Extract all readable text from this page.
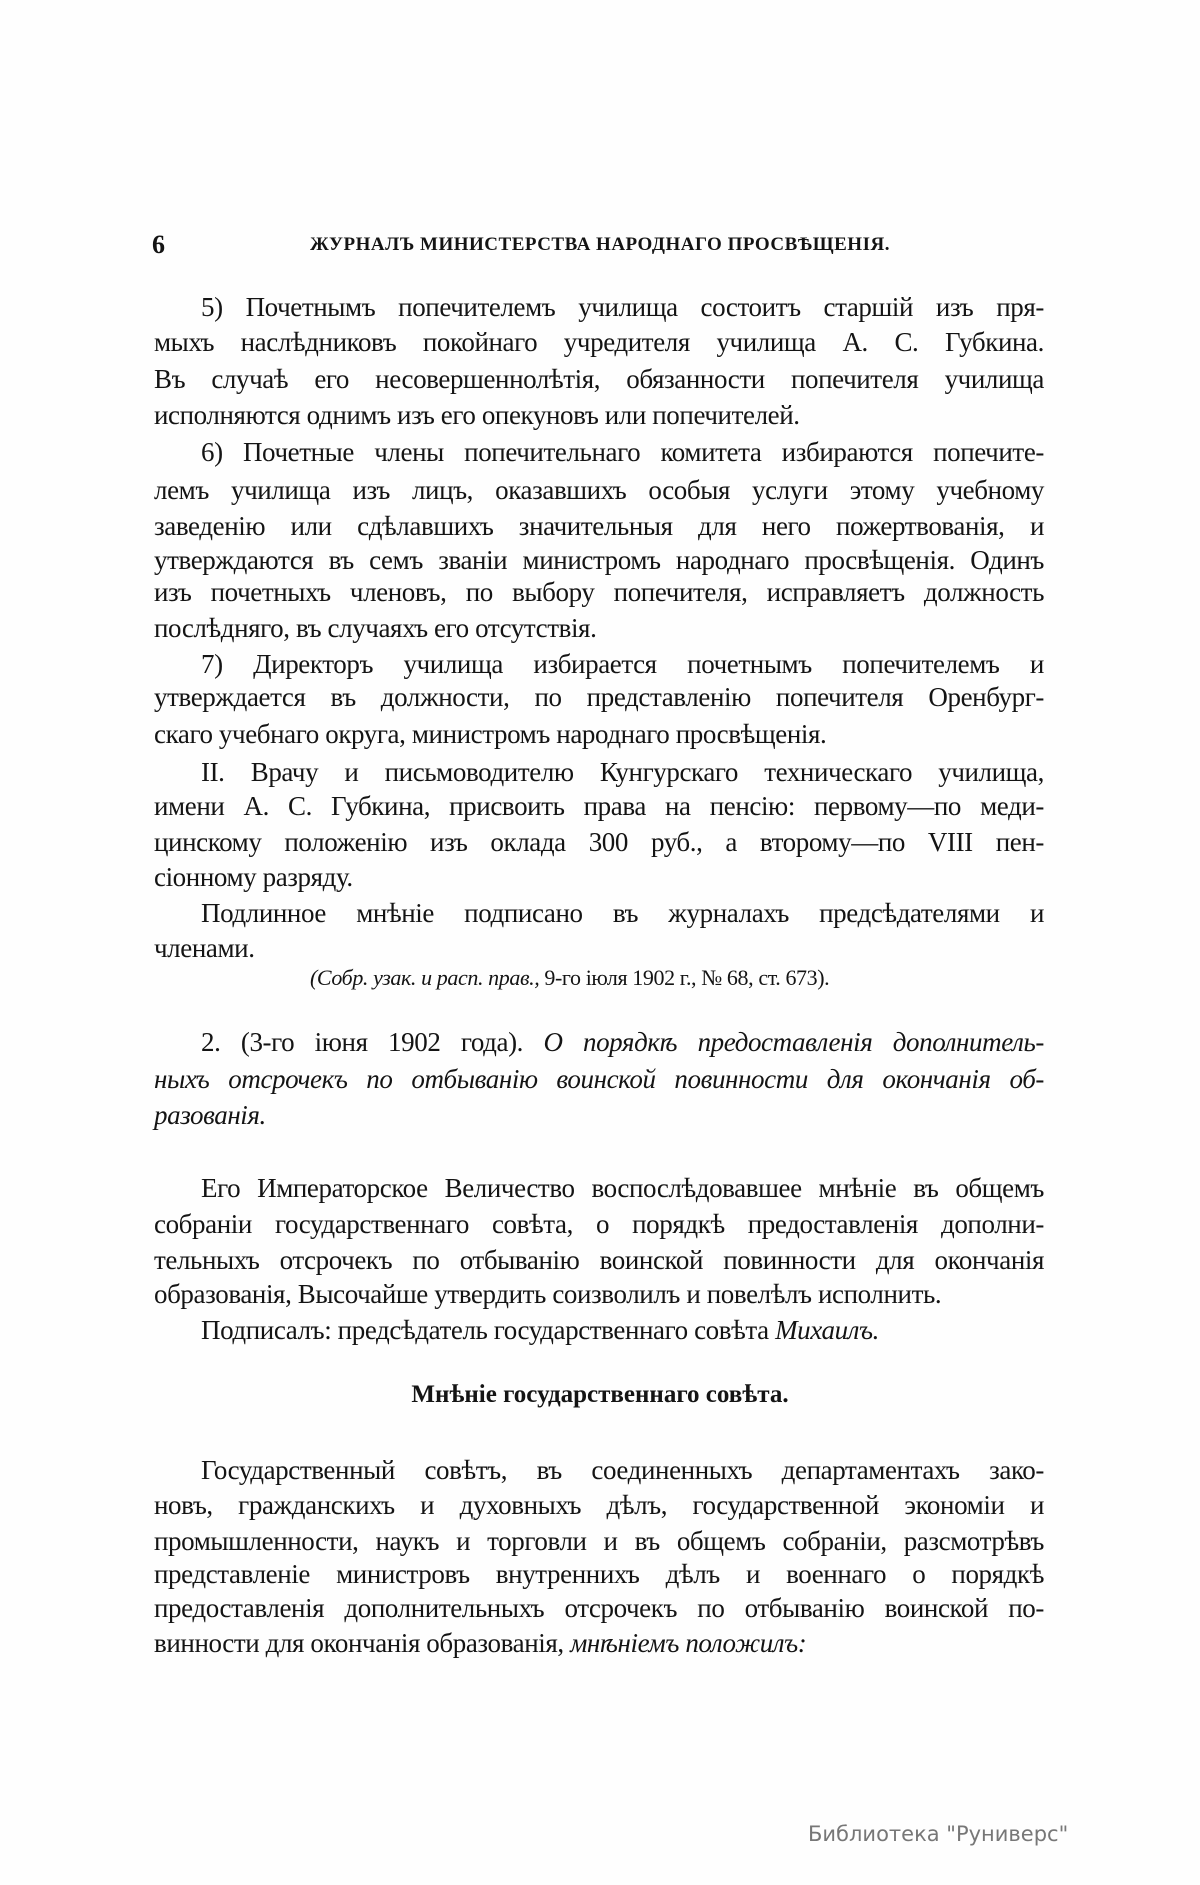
6	ЖУРНАЛЪ МИНИСТЕРСТВА НАРОДНАГО ПРОСВѢЩЕНІЯ.
5) Почетнымъ попечителемъ училища состоитъ старшій изъ пря-
мыхъ наслѣдниковъ покойнаго учредителя училища А. С. Губкина.
Въ случаѣ его несовершеннолѣтія, обязанности попечителя училища
исполняются однимъ изъ его опекуновъ или попечителей.
6) Почетные члены попечительнаго комитета избираются попечите-
лемъ училища изъ лицъ, оказавшихъ особыя услуги этому учебному
заведенію или сдѣлавшихъ значительныя для него пожертвованія, и
утверждаются въ семъ званіи министромъ народнаго просвѣщенія. Одинъ
изъ почетныхъ членовъ, по выбору попечителя, исправляетъ должность
послѣдняго, въ случаяхъ его отсутствія.
7) Директоръ училища избирается почетнымъ попечителемъ и
утверждается въ должности, по представленію попечителя Оренбург-
скаго учебнаго округа, министромъ народнаго просвѣщенія.
II. Врачу и письмоводителю Кунгурскаго техническаго училища,
имени А. С. Губкина, присвоить права на пенсію: первому—по меди-
цинскому положенію изъ оклада 300 руб., а второму—по VIII пен-
сіонному разряду.
Подлинное мнѣніе подписано въ журналахъ предсѣдателями и
членами.
(Собр. узак. и расп. прав., 9-го іюля 1902 г., № 68, ст. 673).
2. (3-го іюня 1902 года). О порядкѣ предоставленія дополнитель-
ныхъ отсрочекъ по отбыванію воинской повинности для окончанія об-
разованія.
Его Императорское Величество воспослѣдовавшее мнѣніе въ общемъ
собраніи государственнаго совѣта, о порядкѣ предоставленія дополни-
тельныхъ отсрочекъ по отбыванію воинской повинности для окончанія
образованія, Высочайше утвердить соизволилъ и повелѣлъ исполнить.
Подписалъ: предсѣдатель государственнаго совѣта Михаилъ.
Государственный совѣтъ, въ соединенныхъ департаментахъ зако-
новъ, гражданскихъ и духовныхъ дѣлъ, государственной экономіи и
промышленности, наукъ и торговли и въ общемъ собраніи, разсмотрѣвъ
представленіе министровъ внутреннихъ дѣлъ и военнаго о порядкѣ
предоставленія дополнительныхъ отсрочекъ по отбыванію воинской по-
винности для окончанія образованія, мнѣніемъ положилъ:
Мнѣніе государственнаго совѣта.
Библиотека "Руниверс"
